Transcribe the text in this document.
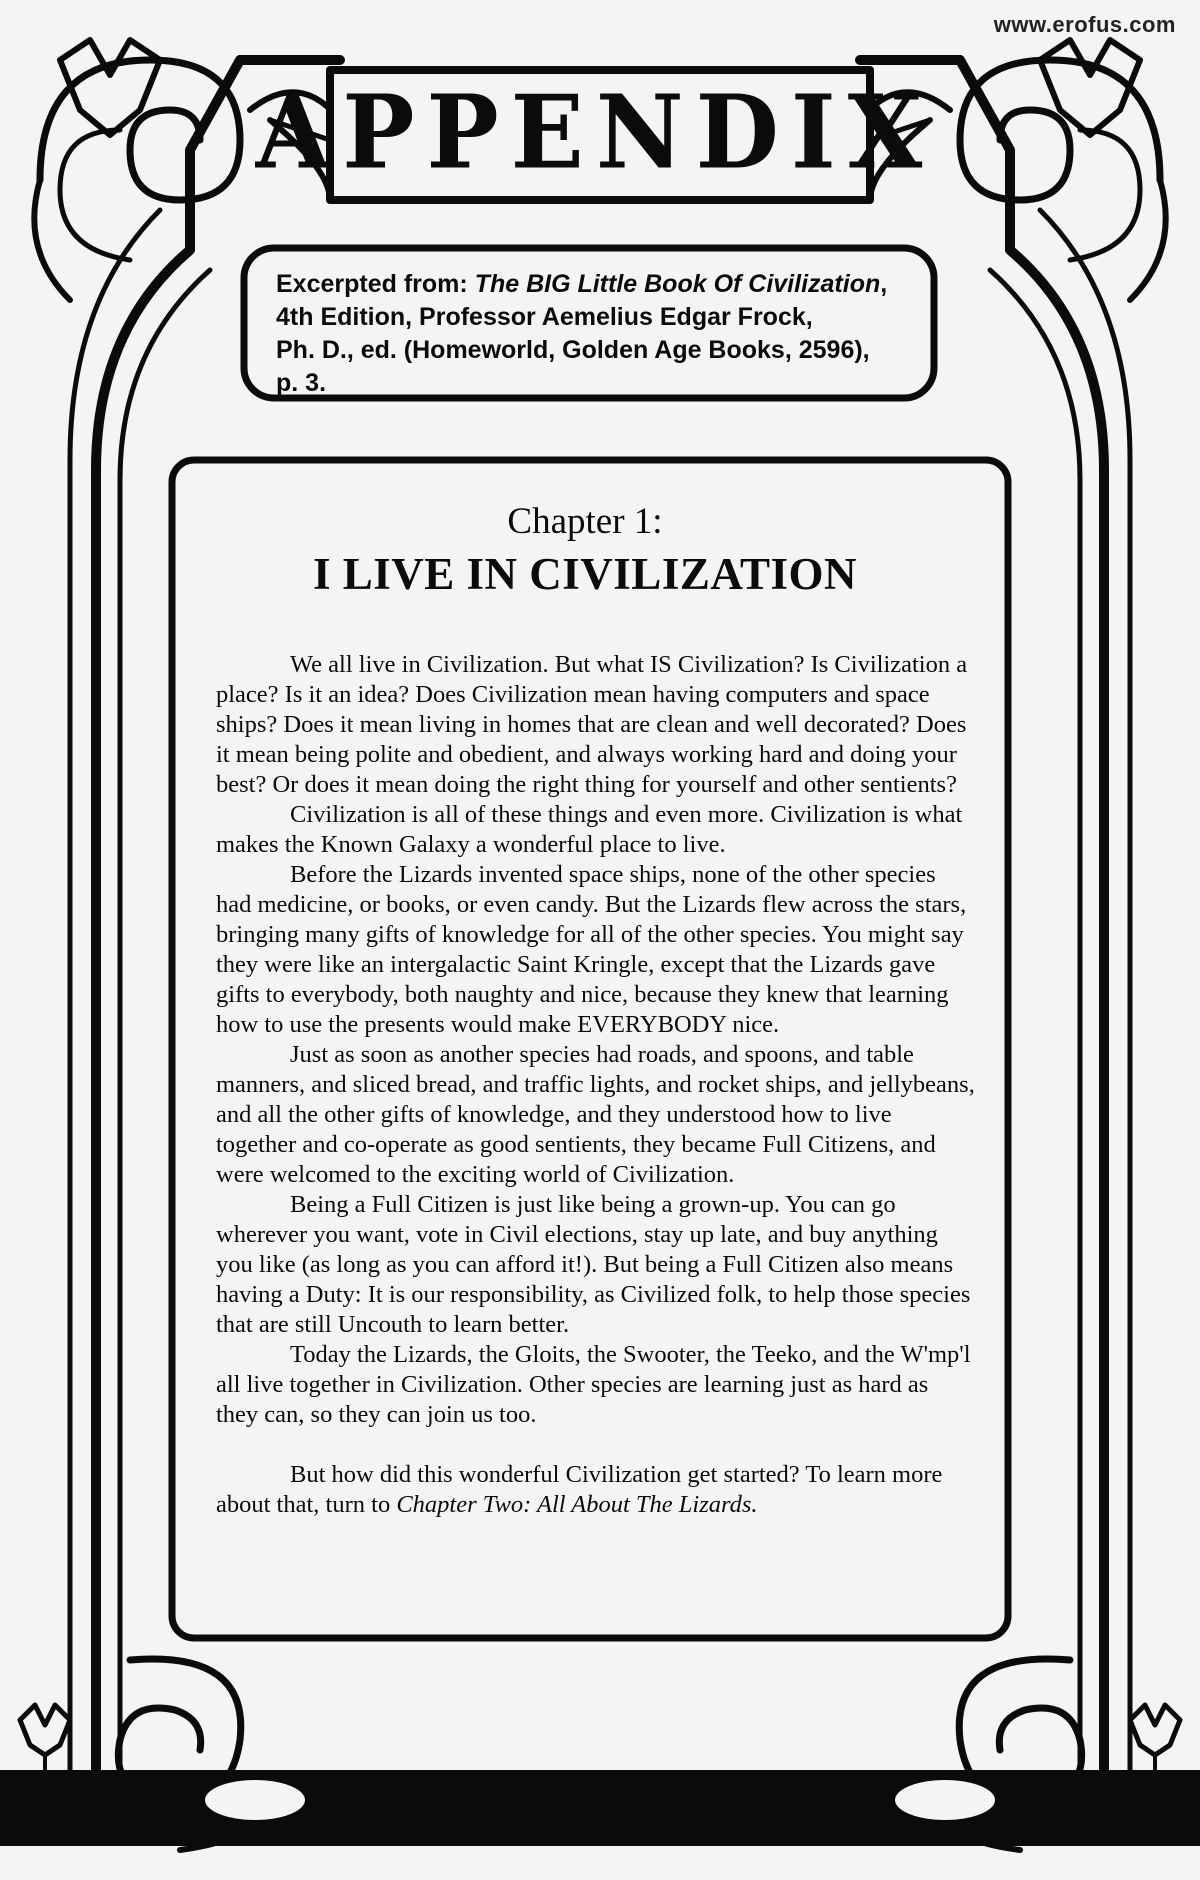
www.erofus.com
APPENDIX
Excerpted from: The BIG Little Book Of Civilization,
4th Edition, Professor Aemelius Edgar Frock,
Ph. D., ed. (Homeworld, Golden Age Books, 2596),
p. 3.
Chapter 1:
I LIVE IN CIVILIZATION

We all live in Civilization. But what IS Civilization? Is Civilization a place? Is it an idea? Does Civilization mean having computers and space ships? Does it mean living in homes that are clean and well decorated? Does it mean being polite and obedient, and always working hard and doing your best? Or does it mean doing the right thing for yourself and other sentients?

Civilization is all of these things and even more. Civilization is what makes the Known Galaxy a wonderful place to live.

Before the Lizards invented space ships, none of the other species had medicine, or books, or even candy. But the Lizards flew across the stars, bringing many gifts of knowledge for all of the other species. You might say they were like an intergalactic Saint Kringle, except that the Lizards gave gifts to everybody, both naughty and nice, because they knew that learning how to use the presents would make EVERYBODY nice.

Just as soon as another species had roads, and spoons, and table manners, and sliced bread, and traffic lights, and rocket ships, and jellybeans, and all the other gifts of knowledge, and they understood how to live together and co-operate as good sentients, they became Full Citizens, and were welcomed to the exciting world of Civilization.

Being a Full Citizen is just like being a grown-up. You can go wherever you want, vote in Civil elections, stay up late, and buy anything you like (as long as you can afford it!). But being a Full Citizen also means having a Duty: It is our responsibility, as Civilized folk, to help those species that are still Uncouth to learn better.

Today the Lizards, the Gloits, the Swooter, the Teeko, and the W'mp'l all live together in Civilization. Other species are learning just as hard as they can, so they can join us too.

But how did this wonderful Civilization get started? To learn more about that, turn to Chapter Two: All About The Lizards.
